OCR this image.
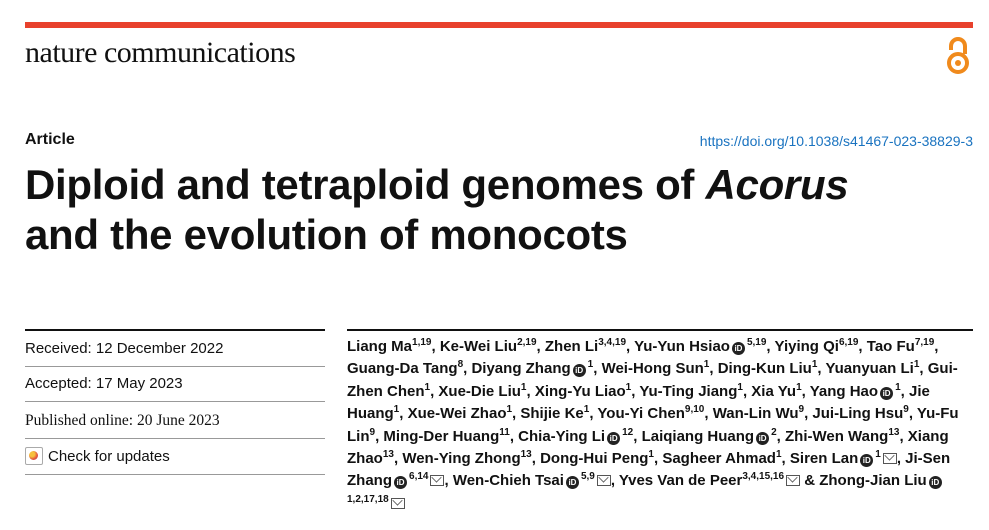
nature communications
Article	https://doi.org/10.1038/s41467-023-38829-3
Diploid and tetraploid genomes of Acorus
and the evolution of monocots
Received: 12 December 2022
Accepted: 17 May 2023
Published online: 20 June 2023
Check for updates
Liang Ma$^{1,19}$, Ke-Wei Liu$^{2,19}$, Zhen Li$^{3,4,19}$, Yu-Yun Hsiao iD $^{5,19}$, Yiying Qi$^{6,19}$, Tao Fu$^{7,19}$, Guang-Da Tang$^8$, Diyang Zhang iD $^1$, Wei-Hong Sun$^1$, Ding-Kun Liu$^1$, Yuanyuan Li$^1$, Gui-Zhen Chen$^1$, Xue-Die Liu$^1$, Xing-Yu Liao$^1$, Yu-Ting Jiang$^1$, Xia Yu$^1$, Yang Hao iD $^1$, Jie Huang$^1$, Xue-Wei Zhao$^1$, Shijie Ke$^1$, You-Yi Chen$^{9,10}$, Wan-Lin Wu$^9$, Jui-Ling Hsu$^9$, Yu-Fu Lin$^9$, Ming-Der Huang$^{11}$, Chia-Ying Li iD $^{12}$, Laiqiang Huang iD $^2$, Zhi-Wen Wang$^{13}$, Xiang Zhao$^{13}$, Wen-Ying Zhong$^{13}$, Dong-Hui Peng$^1$, Sagheer Ahmad$^1$, Siren Lan iD $^1$ , Ji-Sen Zhang iD $^{6,14}$ , Wen-Chieh Tsai iD $^{5,9}$ , Yves Van de Peer$^{3,4,15,16}$ & Zhong-Jian Liu iD $^{1,2,17,18}$
